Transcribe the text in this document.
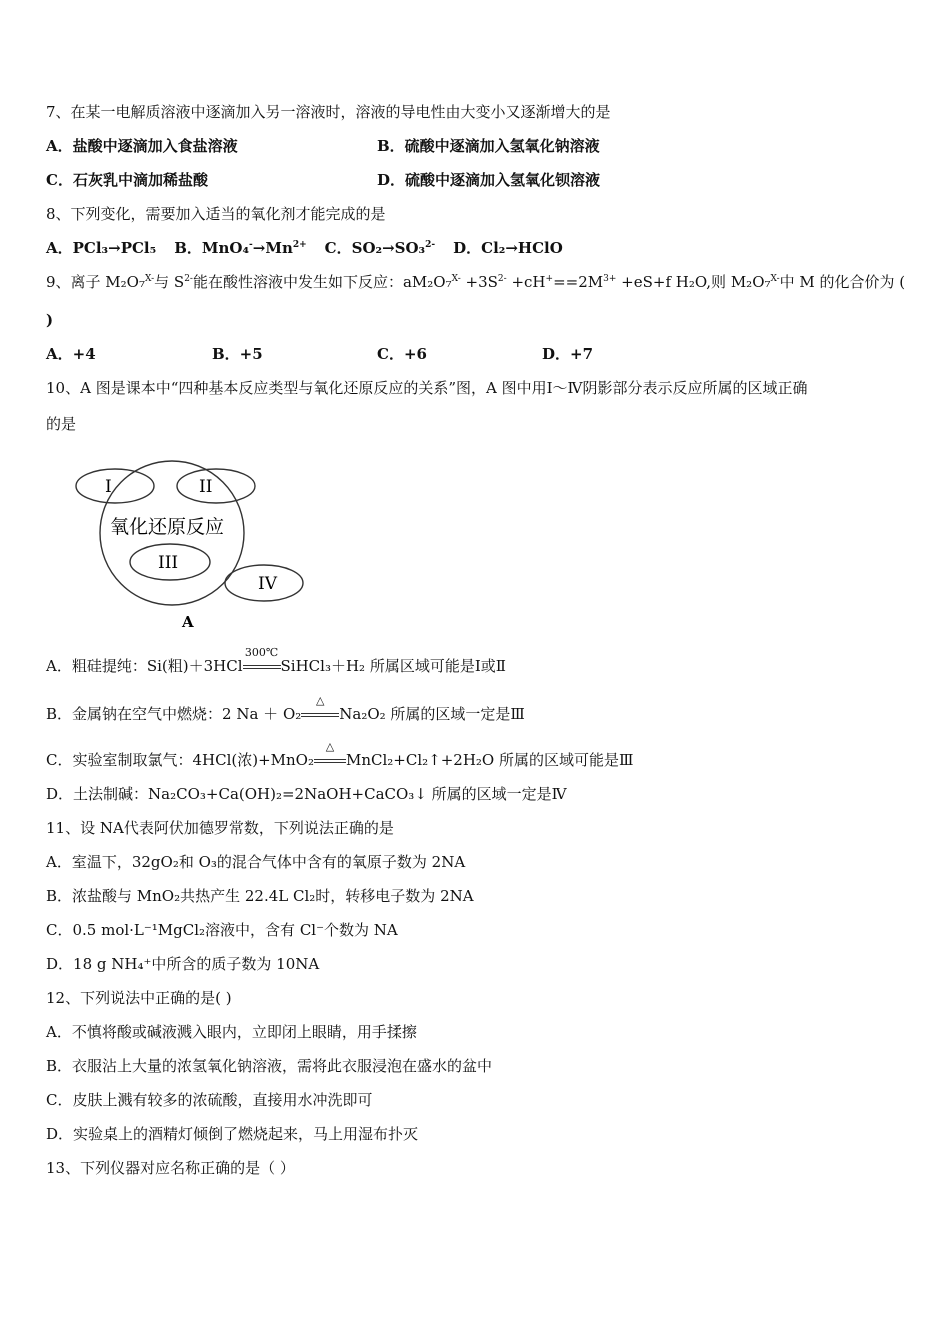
7、在某一电解质溶液中逐滴加入另一溶液时，溶液的导电性由大变小又逐渐增大的是
A．盐酸中逐滴加入食盐溶液	B．硫酸中逐滴加入氢氧化钠溶液
C．石灰乳中滴加稀盐酸	D．硫酸中逐滴加入氢氧化钡溶液
8、下列变化，需要加入适当的氧化剂才能完成的是
A．PCl₃→PCl₅ B．$MnO_4^-\to Mn^{2+}$ C．SO₂→SO₃$^{2-}$ D．Cl₂→HClO
9、离子 M₂O₇$^{X-}$与 $S^{2-}$能在酸性溶液中发生如下反应：$aM_2O_7^{X-} +3S^{2-} +cH^+==2M^{3+} +eS+f$ H₂O,则 M₂O₇$^{X-}$中 M 的化合价为 (
)
A．+4	B．+5	C．+6	D．+7
10、A 图是课本中“四种基本反应类型与氧化还原反应的关系”图，A 图中用Ⅰ～Ⅳ阴影部分表示反应所属的区域正确
的是
I	II
氧化还原反应
III
IV
A
A．粗硅提纯：Si(粗)＋3HCl
300℃
SiHCl₃＋H₂ 所属区域可能是Ⅰ或Ⅱ
B．金属钠在空气中燃烧：2 Na ＋ O₂
△
Na₂O₂ 所属的区域一定是Ⅲ
C．实验室制取氯气：4HCl(浓)+MnO₂
△
MnCl₂+Cl₂↑+2H₂O 所属的区域可能是Ⅲ
D．土法制碱：Na₂CO₃+Ca(OH)₂=2NaOH+CaCO₃↓ 所属的区域一定是Ⅳ
11、设 NA代表阿伏加德罗常数，下列说法正确的是
A．室温下，32gO₂和 O₃的混合气体中含有的氧原子数为 2NA
B．浓盐酸与 MnO₂共热产生 22.4L Cl₂时，转移电子数为 2NA
C．0.5 mol·L⁻¹MgCl₂溶液中，含有 Cl⁻个数为 NA
D．18 g NH₄⁺中所含的质子数为 10NA
12、下列说法中正确的是( )
A．不慎将酸或碱液溅入眼内，立即闭上眼睛，用手揉擦
B．衣服沾上大量的浓氢氧化钠溶液，需将此衣服浸泡在盛水的盆中
C．皮肤上溅有较多的浓硫酸，直接用水冲洗即可
D．实验桌上的酒精灯倾倒了燃烧起来，马上用湿布扑灭
13、下列仪器对应名称正确的是（ ）
